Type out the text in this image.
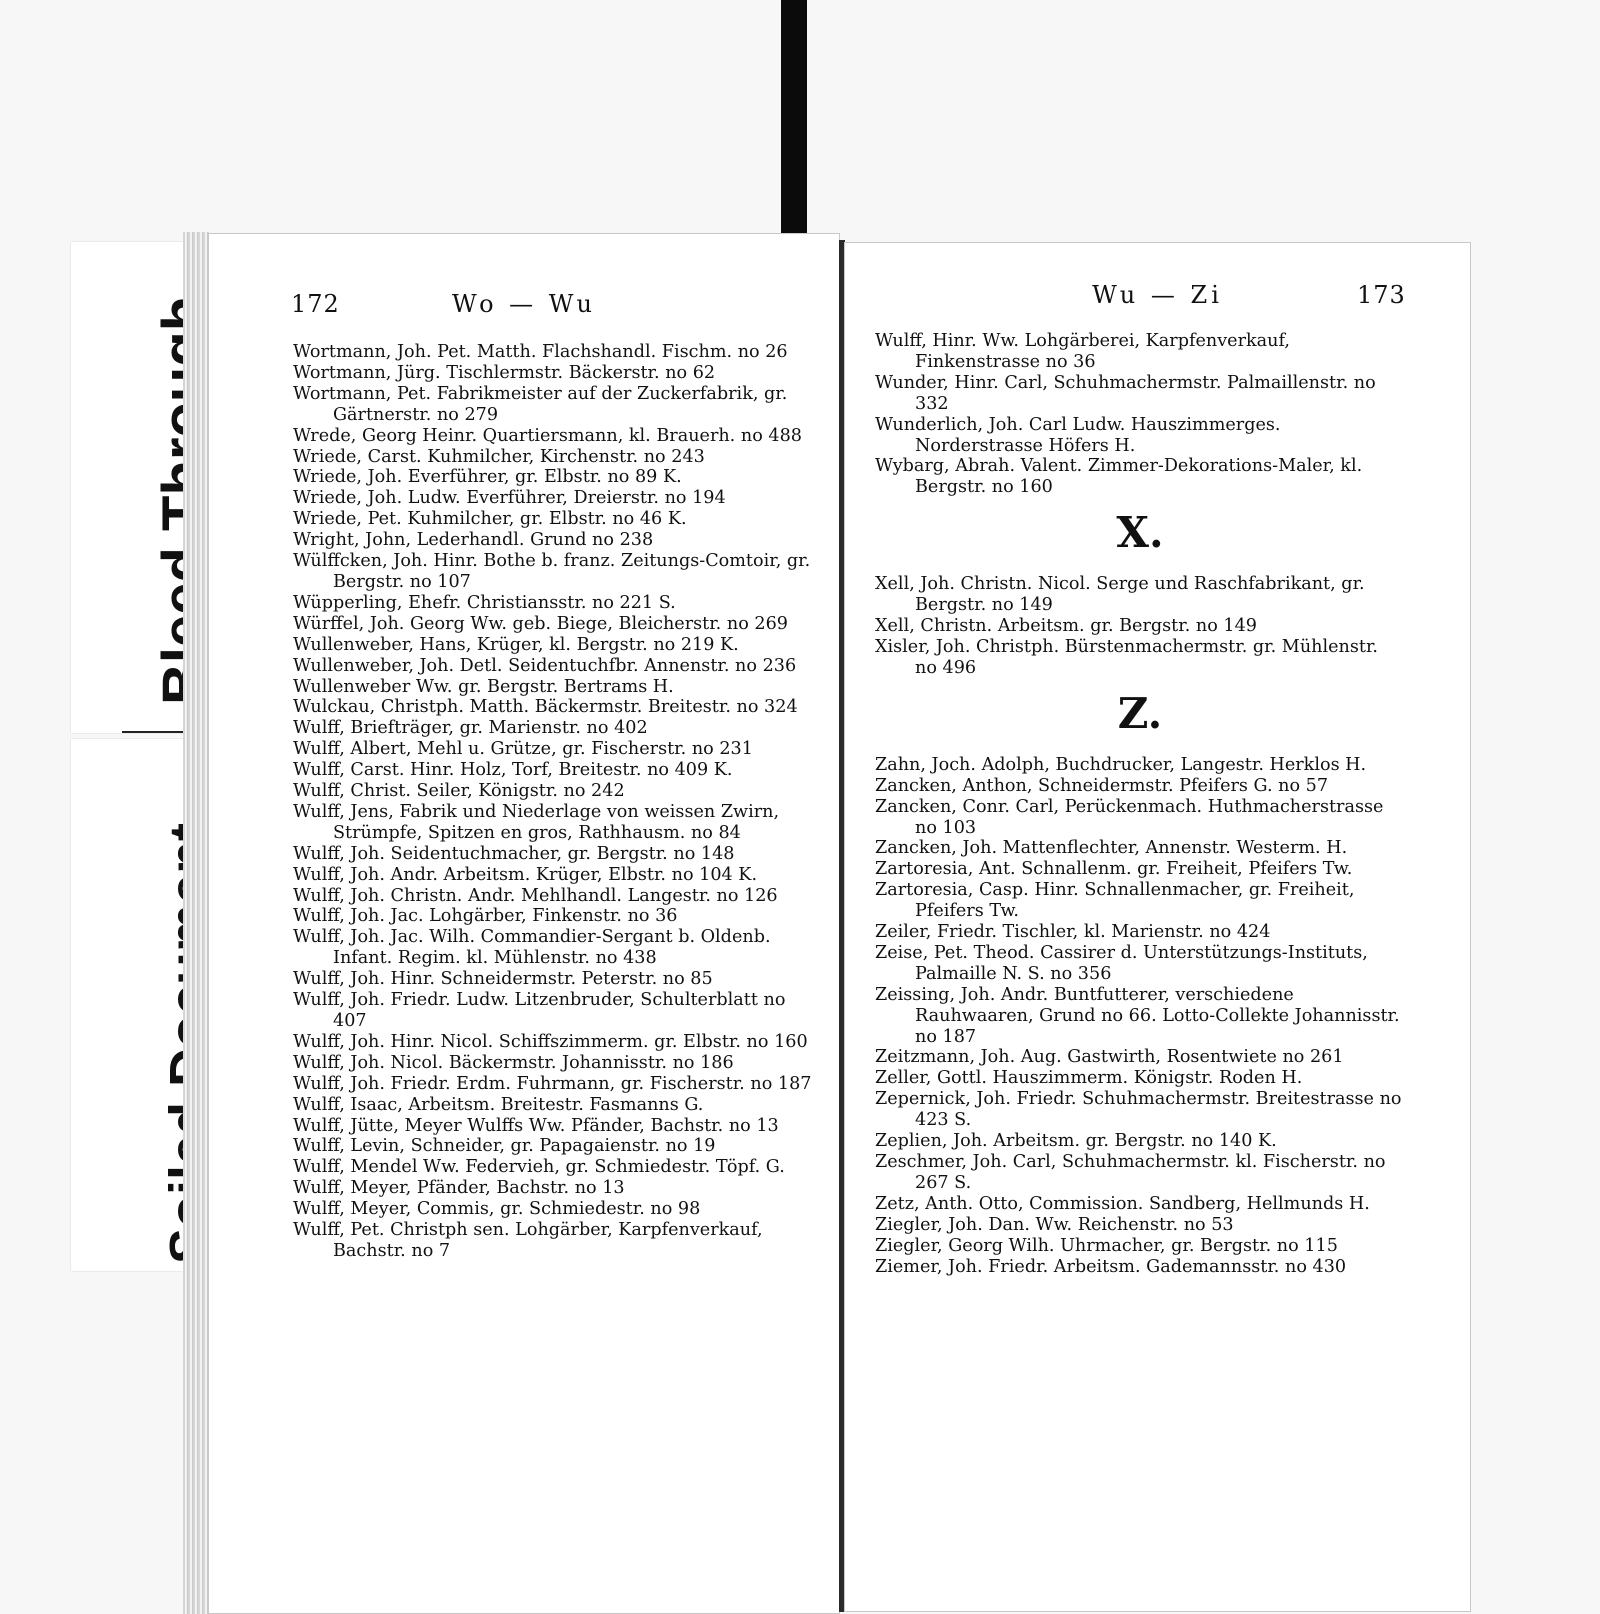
172	Wo — Wu
Wortmann, Joh. Pet. Matth. Flachshandl. Fischm. no 26
Wortmann, Jürg. Tischlermstr. Bäckerstr. no 62
Wortmann, Pet. Fabrikmeister auf der Zuckerfabrik, gr. Gärtnerstr. no 279
Wrede, Georg Heinr. Quartiersmann, kl. Brauerh. no 488
Wriede, Carst. Kuhmilcher, Kirchenstr. no 243
Wriede, Joh. Everführer, gr. Elbstr. no 89 K.
Wriede, Joh. Ludw. Everführer, Dreierstr. no 194
Wriede, Pet. Kuhmilcher, gr. Elbstr. no 46 K.
Wright, John, Lederhandl. Grund no 238
Wülffcken, Joh. Hinr. Bothe b. franz. Zeitungs-Comtoir, gr. Bergstr. no 107
Wüpperling, Ehefr. Christiansstr. no 221 S.
Würffel, Joh. Georg Ww. geb. Biege, Bleicherstr. no 269
Wullenweber, Hans, Krüger, kl. Bergstr. no 219 K.
Wullenweber, Joh. Detl. Seidentuchfbr. Annenstr. no 236
Wullenweber Ww. gr. Bergstr. Bertrams H.
Wulckau, Christph. Matth. Bäckermstr. Breitestr. no 324
Wulff, Briefträger, gr. Marienstr. no 402
Wulff, Albert, Mehl u. Grütze, gr. Fischerstr. no 231
Wulff, Carst. Hinr. Holz, Torf, Breitestr. no 409 K.
Wulff, Christ. Seiler, Königstr. no 242
Wulff, Jens, Fabrik und Niederlage von weissen Zwirn, Strümpfe, Spitzen en gros, Rathhausm. no 84
Wulff, Joh. Seidentuchmacher, gr. Bergstr. no 148
Wulff, Joh. Andr. Arbeitsm. Krüger, Elbstr. no 104 K.
Wulff, Joh. Christn. Andr. Mehlhandl. Langestr. no 126
Wulff, Joh. Jac. Lohgärber, Finkenstr. no 36
Wulff, Joh. Jac. Wilh. Commandier-Sergant b. Oldenb. Infant. Regim. kl. Mühlenstr. no 438
Wulff, Joh. Hinr. Schneidermstr. Peterstr. no 85
Wulff, Joh. Friedr. Ludw. Litzenbruder, Schulterblatt no 407
Wulff, Joh. Hinr. Nicol. Schiffszimmerm. gr. Elbstr. no 160
Wulff, Joh. Nicol. Bäckermstr. Johannisstr. no 186
Wulff, Joh. Friedr. Erdm. Fuhrmann, gr. Fischerstr. no 187
Wulff, Isaac, Arbeitsm. Breitestr. Fasmanns G.
Wulff, Jütte, Meyer Wulffs Ww. Pfänder, Bachstr. no 13
Wulff, Levin, Schneider, gr. Papagaienstr. no 19
Wulff, Mendel Ww. Federvieh, gr. Schmiedestr. Töpf. G.
Wulff, Meyer, Pfänder, Bachstr. no 13
Wulff, Meyer, Commis, gr. Schmiedestr. no 98
Wulff, Pet. Christph sen. Lohgärber, Karpfenverkauf, Bachstr. no 7
Wu — Zi	173
Wulff, Hinr. Ww. Lohgärberei, Karpfenverkauf, Finkenstrasse no 36
Wunder, Hinr. Carl, Schuhmachermstr. Palmaillenstr. no 332
Wunderlich, Joh. Carl Ludw. Hauszimmerges. Norderstrasse Höfers H.
Wybarg, Abrah. Valent. Zimmer-Dekorations-Maler, kl. Bergstr. no 160
X.
Xell, Joh. Christn. Nicol. Serge und Raschfabrikant, gr. Bergstr. no 149
Xell, Christn. Arbeitsm. gr. Bergstr. no 149
Xisler, Joh. Christph. Bürstenmachermstr. gr. Mühlenstr. no 496
Z.
Zahn, Joch. Adolph, Buchdrucker, Langestr. Herklos H.
Zancken, Anthon, Schneidermstr. Pfeifers G. no 57
Zancken, Conr. Carl, Perückenmach. Huthmacherstrasse no 103
Zancken, Joh. Mattenflechter, Annenstr. Westerm. H.
Zartoresia, Ant. Schnallenm. gr. Freiheit, Pfeifers Tw.
Zartoresia, Casp. Hinr. Schnallenmacher, gr. Freiheit, Pfeifers Tw.
Zeiler, Friedr. Tischler, kl. Marienstr. no 424
Zeise, Pet. Theod. Cassirer d. Unterstützungs-Instituts, Palmaille N. S. no 356
Zeissing, Joh. Andr. Buntfutterer, verschiedene Rauhwaaren, Grund no 66. Lotto-Collekte Johannisstr. no 187
Zeitzmann, Joh. Aug. Gastwirth, Rosentwiete no 261
Zeller, Gottl. Hauszimmerm. Königstr. Roden H.
Zepernick, Joh. Friedr. Schuhmachermstr. Breitestrasse no 423 S.
Zeplien, Joh. Arbeitsm. gr. Bergstr. no 140 K.
Zeschmer, Joh. Carl, Schuhmachermstr. kl. Fischerstr. no 267 S.
Zetz, Anth. Otto, Commission. Sandberg, Hellmunds H.
Ziegler, Joh. Dan. Ww. Reichenstr. no 53
Ziegler, Georg Wilh. Uhrmacher, gr. Bergstr. no 115
Ziemer, Joh. Friedr. Arbeitsm. Gademannsstr. no 430
